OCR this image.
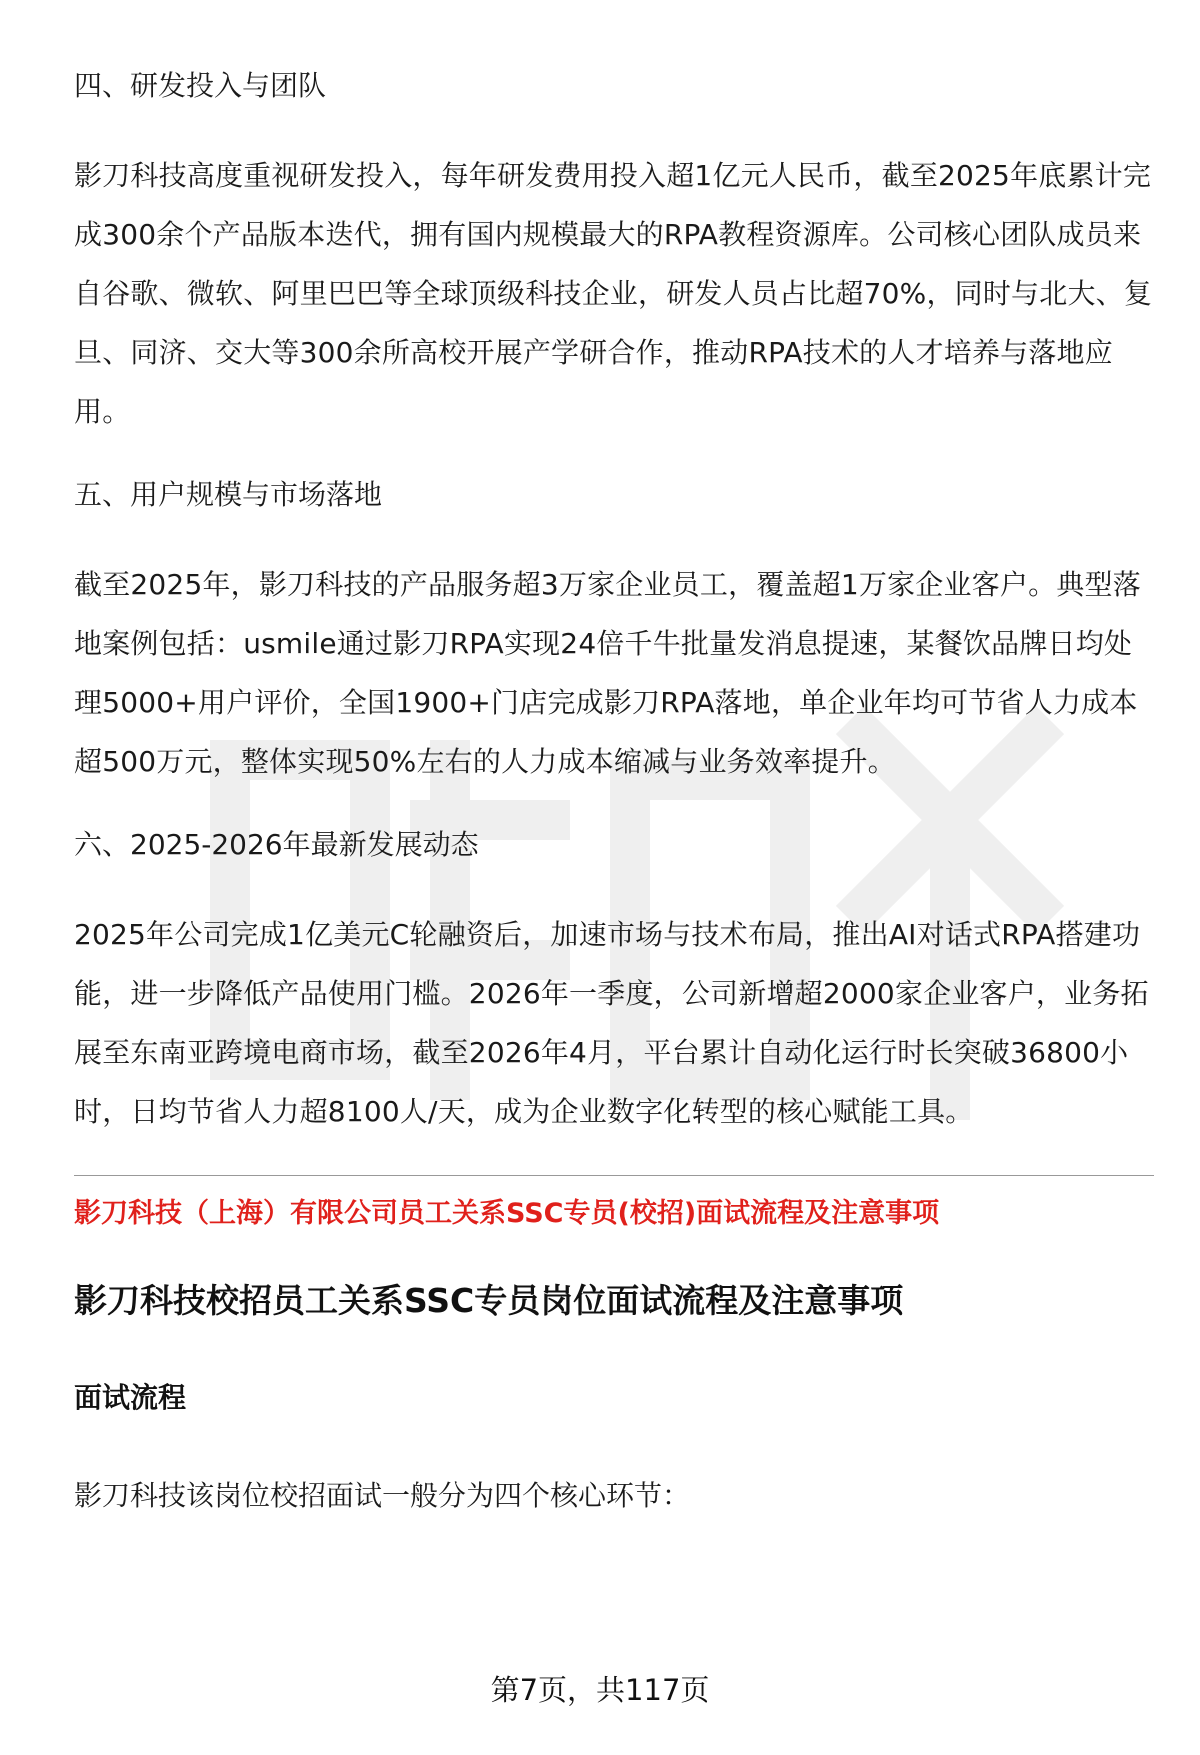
四、研发投入与团队

影刀科技高度重视研发投入，每年研发费用投入超1亿元人民币，截至2025年底累计完成300余个产品版本迭代，拥有国内规模最大的RPA教程资源库。公司核心团队成员来自谷歌、微软、阿里巴巴等全球顶级科技企业，研发人员占比超70%，同时与北大、复旦、同济、交大等300余所高校开展产学研合作，推动RPA技术的人才培养与落地应用。

五、用户规模与市场落地

截至2025年，影刀科技的产品服务超3万家企业员工，覆盖超1万家企业客户。典型落地案例包括：usmile通过影刀RPA实现24倍千牛批量发消息提速，某餐饮品牌日均处理5000+用户评价，全国1900+门店完成影刀RPA落地，单企业年均可节省人力成本超500万元，整体实现50%左右的人力成本缩减与业务效率提升。

六、2025-2026年最新发展动态

2025年公司完成1亿美元C轮融资后，加速市场与技术布局，推出AI对话式RPA搭建功能，进一步降低产品使用门槛。2026年一季度，公司新增超2000家企业客户，业务拓展至东南亚跨境电商市场，截至2026年4月，平台累计自动化运行时长突破36800小时，日均节省人力超8100人/天，成为企业数字化转型的核心赋能工具。

影刀科技（上海）有限公司员工关系SSC专员(校招)面试流程及注意事项
影刀科技校招员工关系SSC专员岗位面试流程及注意事项
面试流程
影刀科技该岗位校招面试一般分为四个核心环节：
第7页，共117页
